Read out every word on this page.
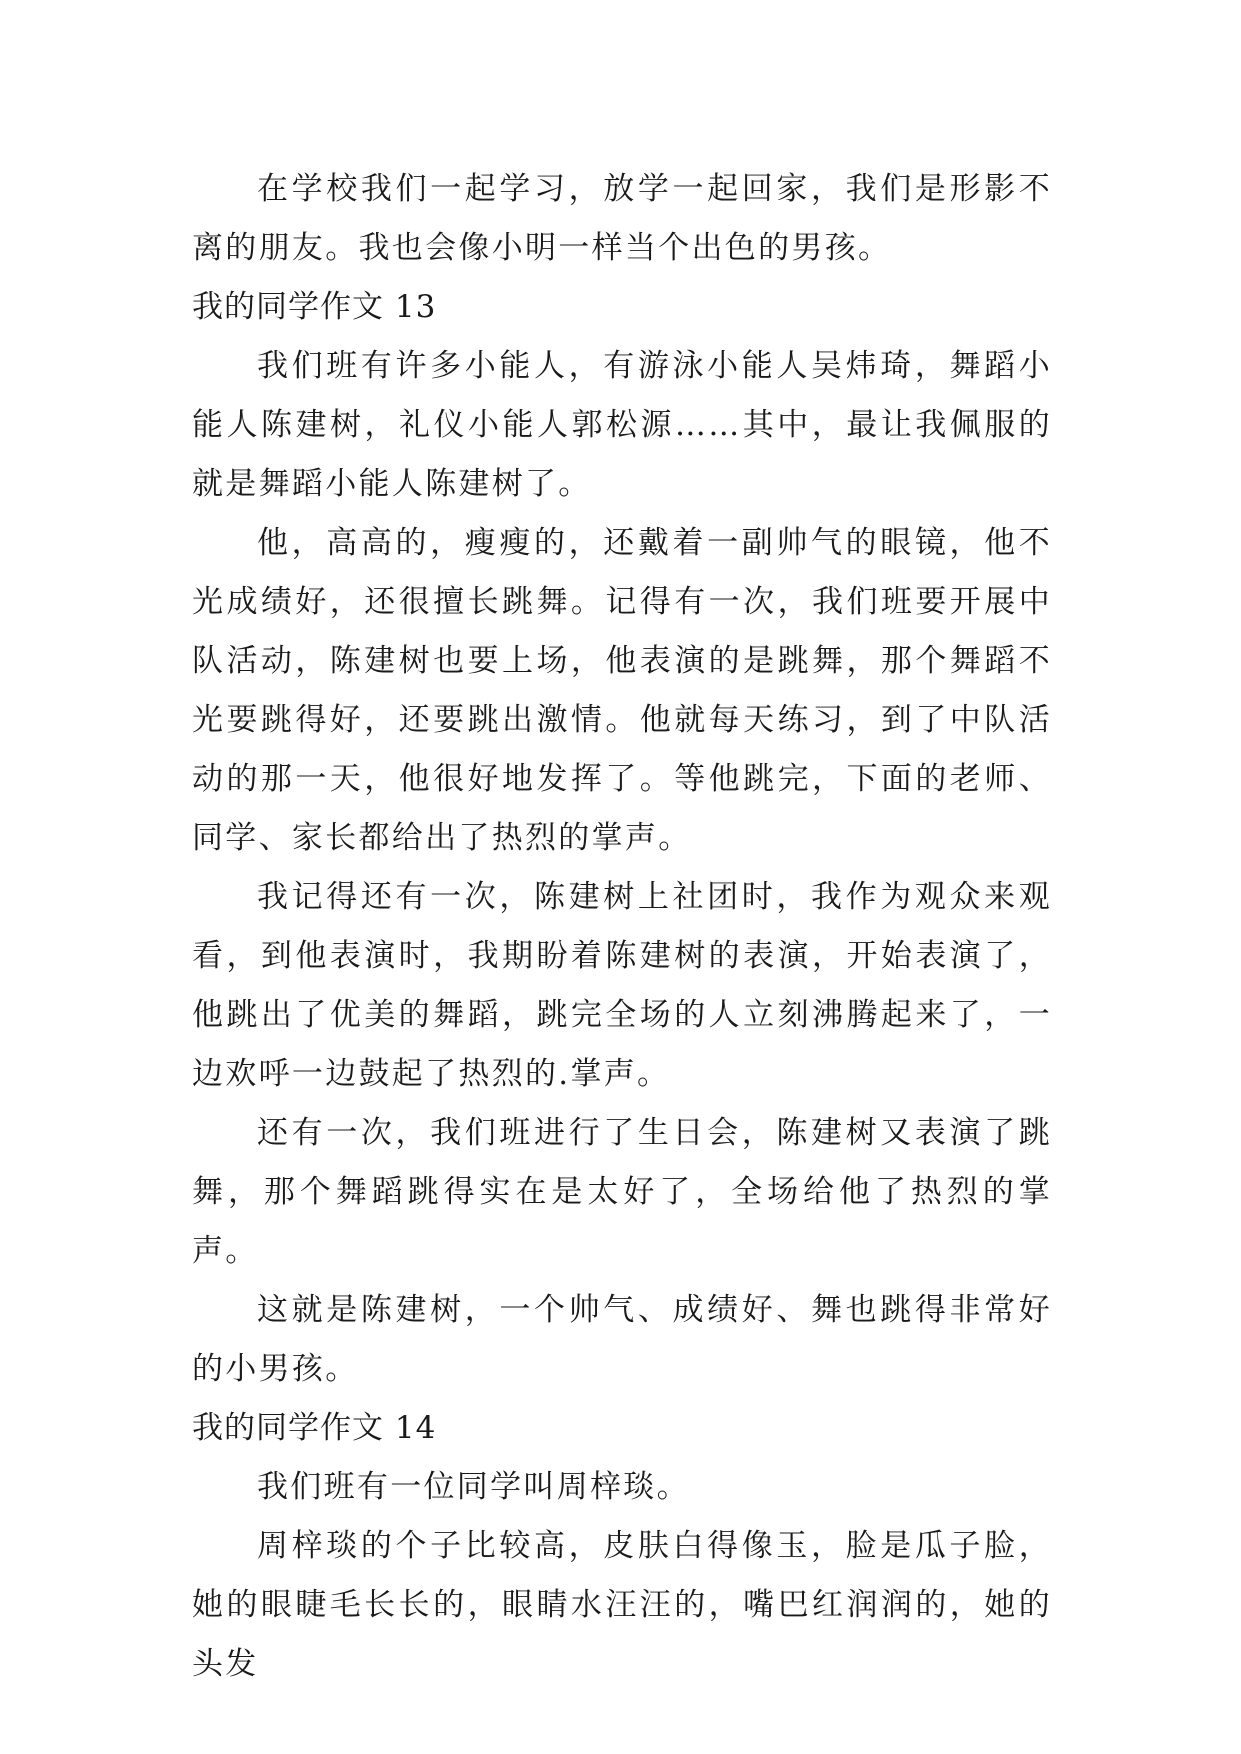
在学校我们一起学习，放学一起回家，我们是形影不离的朋友。我也会像小明一样当个出色的男孩。

我的同学作文 13

我们班有许多小能人，有游泳小能人吴炜琦，舞蹈小能人陈建树，礼仪小能人郭松源……其中，最让我佩服的就是舞蹈小能人陈建树了。

他，高高的，瘦瘦的，还戴着一副帅气的眼镜，他不光成绩好，还很擅长跳舞。记得有一次，我们班要开展中队活动，陈建树也要上场，他表演的是跳舞，那个舞蹈不光要跳得好，还要跳出激情。他就每天练习，到了中队活动的那一天，他很好地发挥了。等他跳完，下面的老师、同学、家长都给出了热烈的掌声。

我记得还有一次，陈建树上社团时，我作为观众来观看，到他表演时，我期盼着陈建树的表演，开始表演了，他跳出了优美的舞蹈，跳完全场的人立刻沸腾起来了，一边欢呼一边鼓起了热烈的.掌声。

还有一次，我们班进行了生日会，陈建树又表演了跳舞，那个舞蹈跳得实在是太好了，全场给他了热烈的掌声。

这就是陈建树，一个帅气、成绩好、舞也跳得非常好的小男孩。

我的同学作文 14

我们班有一位同学叫周梓琰。

周梓琰的个子比较高，皮肤白得像玉，脸是瓜子脸，她的眼睫毛长长的，眼睛水汪汪的，嘴巴红润润的，她的头发
